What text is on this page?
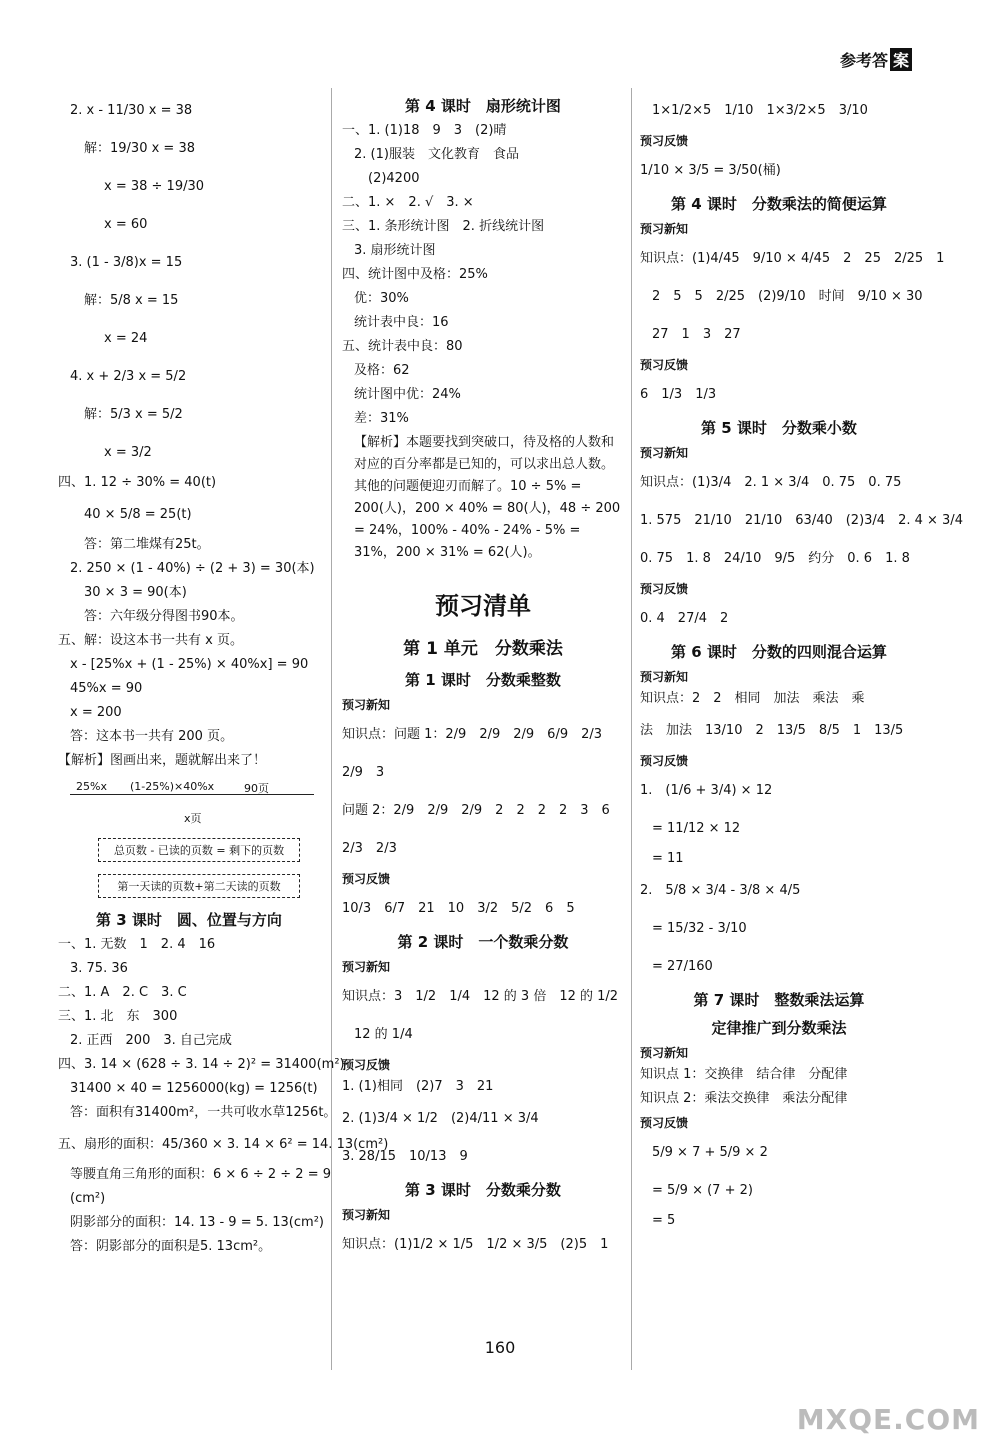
参考答 案

2. x - 11/30 x = 38

解：19/30 x = 38

x = 38 ÷ 19/30

x = 60

3. (1 - 3/8)x = 15

解：5/8 x = 15

x = 24

4. x + 2/3 x = 5/2

解：5/3 x = 5/2

x = 3/2

四、1. 12 ÷ 30% = 40(t)

40 × 5/8 = 25(t)

答：第二堆煤有25t。

2. 250 × (1 - 40%) ÷ (2 + 3) = 30(本)

30 × 3 = 90(本)

答：六年级分得图书90本。

五、解：设这本书一共有 x 页。

x - [25%x + (1 - 25%) × 40%x] = 90

45%x = 90

x = 200

答：这本书一共有 200 页。

【解析】图画出来，题就解出来了！

25%x (1-25%)×40%x	90页
x页
总页数 - 已读的页数 = 剩下的页数
第一天读的页数+第二天读的页数
第 3 课时　圆、位置与方向

一、1. 无数　1　2. 4　16

3. 75. 36

二、1. A　2. C　3. C

三、1. 北　东　300

2. 正西　200　3. 自己完成

四、3. 14 × (628 ÷ 3. 14 ÷ 2)² = 31400(m²)

31400 × 40 = 1256000(kg) = 1256(t)

答：面积有31400m²，一共可收水草1256t。

五、扇形的面积：45/360 × 3. 14 × 6² = 14. 13(cm²)

等腰直角三角形的面积：6 × 6 ÷ 2 ÷ 2 = 9

(cm²)

阴影部分的面积：14. 13 - 9 = 5. 13(cm²)

答：阴影部分的面积是5. 13cm²。

第 4 课时　扇形统计图

一、1. (1)18　9　3　(2)晴

2. (1)服装　文化教育　食品

(2)4200

二、1. ×　2. √　3. ×

三、1. 条形统计图　2. 折线统计图

3. 扇形统计图

四、统计图中及格：25%

优：30%

统计表中良：16

五、统计表中良：80

及格：62

统计图中优：24%

差：31%

【解析】本题要找到突破口，待及格的人数和对应的百分率都是已知的，可以求出总人数。其他的问题便迎刃而解了。10 ÷ 5% = 200(人)，200 × 40% = 80(人)，48 ÷ 200 = 24%，100% - 40% - 24% - 5% = 31%，200 × 31% = 62(人)。

预习清单
第 1 单元　分数乘法
第 1 课时　分数乘整数
预习新知

知识点：问题 1：2/9　2/9　2/9　6/9　2/3

2/9　3

问题 2：2/9　2/9　2/9　2　2　2　2　3　6

2/3　2/3

预习反馈

10/3　6/7　21　10　3/2　5/2　6　5

第 2 课时　一个数乘分数
预习新知

知识点：3　1/2　1/4　12 的 3 倍　12 的 1/2

12 的 1/4

预习反馈

1. (1)相同　(2)7　3　21

2. (1)3/4 × 1/2　(2)4/11 × 3/4

3. 28/15　10/13　9

第 3 课时　分数乘分数
预习新知

知识点：(1)1/2 × 1/5　1/2 × 3/5　(2)5　1

1×1/2×5　1/10　1×3/2×5　3/10

预习反馈

1/10 × 3/5 = 3/50(桶)

第 4 课时　分数乘法的简便运算
预习新知

知识点：(1)4/45　9/10 × 4/45　2　25　2/25　1

2　5　5　2/25　(2)9/10　时间　9/10 × 30

27　1　3　27

预习反馈

6　1/3　1/3

第 5 课时　分数乘小数
预习新知

知识点：(1)3/4　2. 1 × 3/4　0. 75　0. 75

1. 575　21/10　21/10　63/40　(2)3/4　2. 4 × 3/4

0. 75　1. 8　24/10　9/5　约分　0. 6　1. 8

预习反馈

0. 4　27/4　2

第 6 课时　分数的四则混合运算
预习新知

知识点：2　2　相同　加法　乘法　乘

法　加法　13/10　2　13/5　8/5　1　13/5

预习反馈

1.　(1/6 + 3/4) × 12

= 11/12 × 12

= 11

2.　5/8 × 3/4 - 3/8 × 4/5

= 15/32 - 3/10

= 27/160

第 7 课时　整数乘法运算
定律推广到分数乘法
预习新知

知识点 1：交换律　结合律　分配律

知识点 2：乘法交换律　乘法分配律

预习反馈

5/9 × 7 + 5/9 × 2

= 5/9 × (7 + 2)

= 5

160
MXQE.COM
